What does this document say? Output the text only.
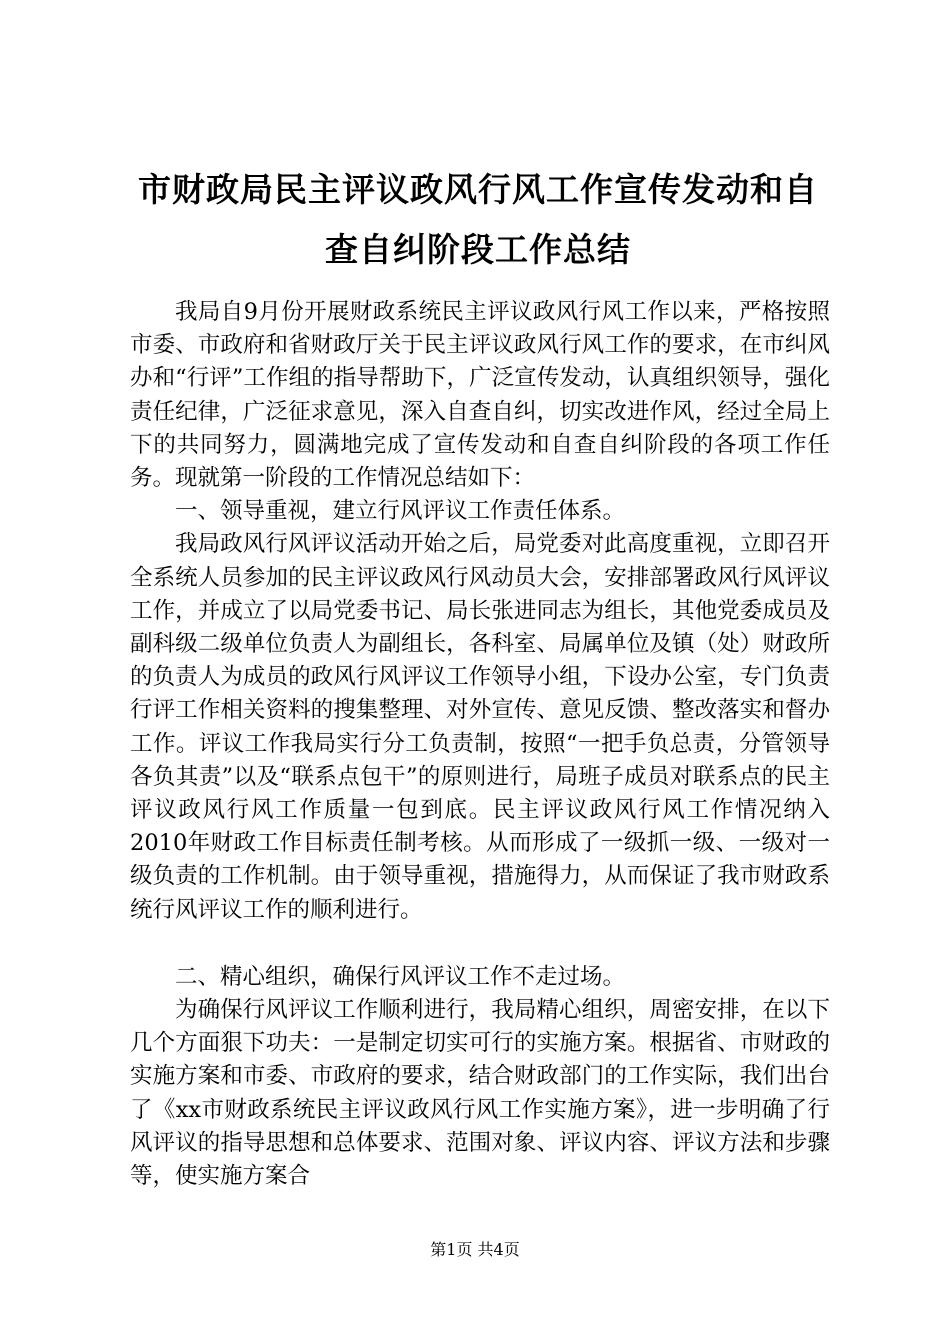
市财政局民主评议政风行风工作宣传发动和自
查自纠阶段工作总结

我局自9月份开展财政系统民主评议政风行风工作以来，严格按照市委、市政府和省财政厅关于民主评议政风行风工作的要求，在市纠风办和“行评”工作组的指导帮助下，广泛宣传发动，认真组织领导，强化责任纪律，广泛征求意见，深入自查自纠，切实改进作风，经过全局上下的共同努力，圆满地完成了宣传发动和自查自纠阶段的各项工作任务。现就第一阶段的工作情况总结如下：

一、领导重视，建立行风评议工作责任体系。

我局政风行风评议活动开始之后，局党委对此高度重视，立即召开全系统人员参加的民主评议政风行风动员大会，安排部署政风行风评议工作，并成立了以局党委书记、局长张进同志为组长，其他党委成员及副科级二级单位负责人为副组长，各科室、局属单位及镇（处）财政所的负责人为成员的政风行风评议工作领导小组，下设办公室，专门负责行评工作相关资料的搜集整理、对外宣传、意见反馈、整改落实和督办工作。评议工作我局实行分工负责制，按照“一把手负总责，分管领导各负其责”以及“联系点包干”的原则进行，局班子成员对联系点的民主评议政风行风工作质量一包到底。民主评议政风行风工作情况纳入2010年财政工作目标责任制考核。从而形成了一级抓一级、一级对一级负责的工作机制。由于领导重视，措施得力，从而保证了我市财政系统行风评议工作的顺利进行。

二、精心组织，确保行风评议工作不走过场。

为确保行风评议工作顺利进行，我局精心组织，周密安排，在以下几个方面狠下功夫：一是制定切实可行的实施方案。根据省、市财政的实施方案和市委、市政府的要求，结合财政部门的工作实际，我们出台了《xx市财政系统民主评议政风行风工作实施方案》，进一步明确了行风评议的指导思想和总体要求、范围对象、评议内容、评议方法和步骤等，使实施方案合

第1页 共4页
